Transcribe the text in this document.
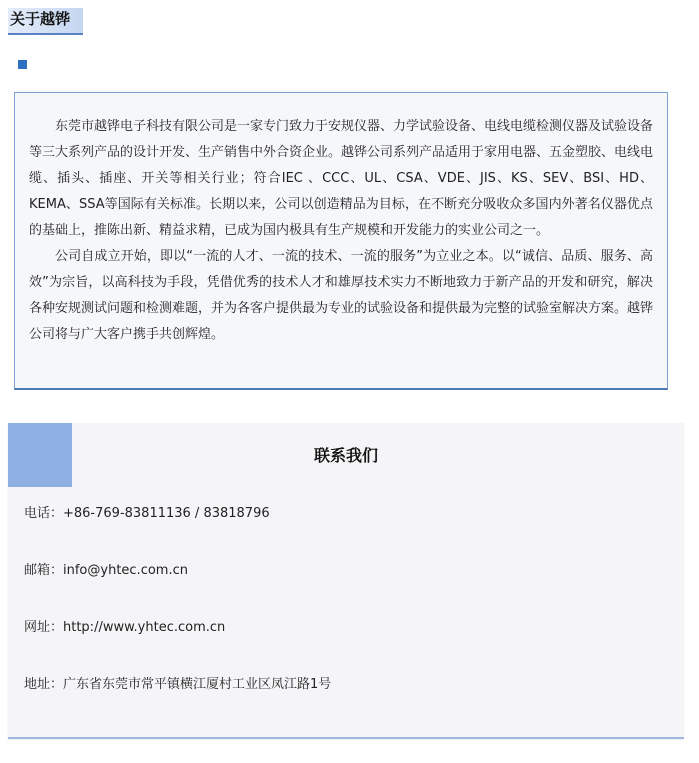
关于越铧

东莞市越铧电子科技有限公司是一家专门致力于安规仪器、力学试验设备、电线电缆检测仪器及试验设备等三大系列产品的设计开发、生产销售中外合资企业。越铧公司系列产品适用于家用电器、五金塑胶、电线电缆、插头、插座、开关等相关行业；符合IEC 、CCC、UL、CSA、VDE、JIS、KS、SEV、BSI、HD、KEMA、SSA等国际有关标准。长期以来，公司以创造精品为目标，在不断充分吸收众多国内外著名仪器优点的基础上，推陈出新、精益求精，已成为国内极具有生产规模和开发能力的实业公司之一。

公司自成立开始，即以“一流的人才、一流的技术、一流的服务”为立业之本。以“诚信、品质、服务、高效”为宗旨，以高科技为手段，凭借优秀的技术人才和雄厚技术实力不断地致力于新产品的开发和研究，解决各种安规测试问题和检测难题，并为各客户提供最为专业的试验设备和提供最为完整的试验室解决方案。越铧公司将与广大客户携手共创辉煌。

联系我们
电话：+86-769-83811136 / 83818796
邮箱：info@yhtec.com.cn
网址：http://www.yhtec.com.cn
地址：广东省东莞市常平镇横江厦村工业区凤江路1号
